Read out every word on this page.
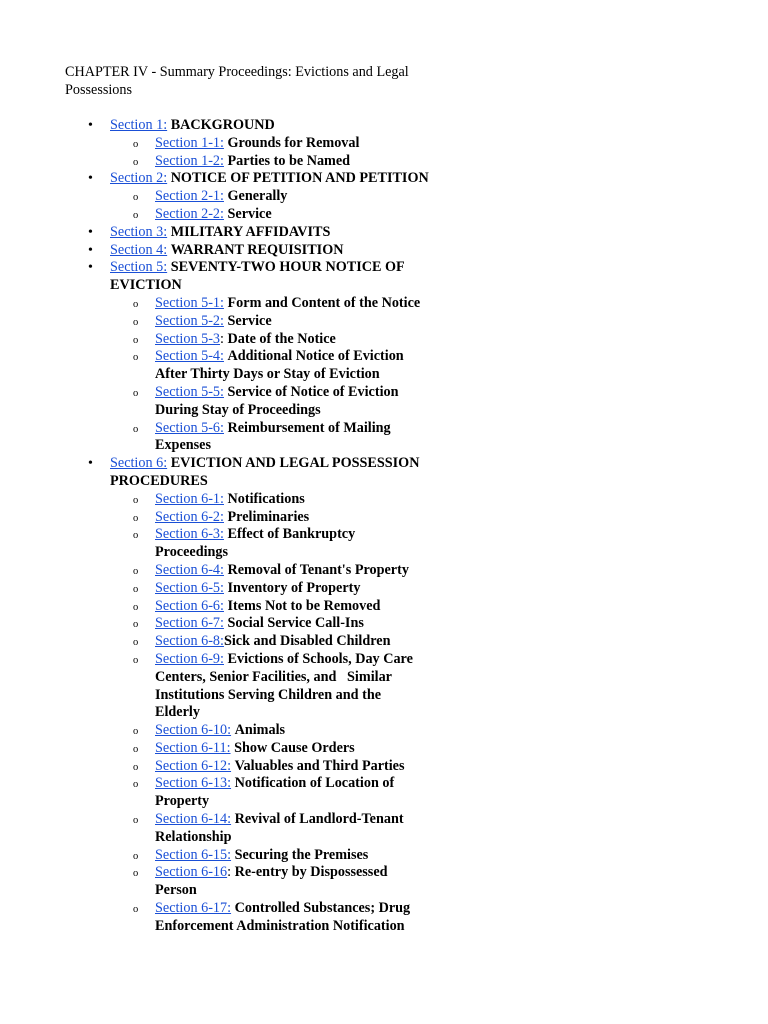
CHAPTER IV - Summary Proceedings: Evictions and Legal Possessions
• Section 1: BACKGROUND
o Section 1-1: Grounds for Removal
o Section 1-2: Parties to be Named
• Section 2: NOTICE OF PETITION AND PETITION
o Section 2-1: Generally
o Section 2-2: Service
• Section 3: MILITARY AFFIDAVITS
• Section 4: WARRANT REQUISITION
• Section 5: SEVENTY-TWO HOUR NOTICE OF EVICTION
o Section 5-1: Form and Content of the Notice
o Section 5-2: Service
o Section 5-3: Date of the Notice
o Section 5-4: Additional Notice of Eviction After Thirty Days or Stay of Eviction
o Section 5-5: Service of Notice of Eviction During Stay of Proceedings
o Section 5-6: Reimbursement of Mailing Expenses
• Section 6: EVICTION AND LEGAL POSSESSION PROCEDURES
o Section 6-1: Notifications
o Section 6-2: Preliminaries
o Section 6-3: Effect of Bankruptcy Proceedings
o Section 6-4: Removal of Tenant's Property
o Section 6-5: Inventory of Property
o Section 6-6: Items Not to be Removed
o Section 6-7: Social Service Call-Ins
o Section 6-8:Sick and Disabled Children
o Section 6-9: Evictions of Schools, Day Care Centers, Senior Facilities, and   Similar Institutions Serving Children and the Elderly
o Section 6-10: Animals
o Section 6-11: Show Cause Orders
o Section 6-12: Valuables and Third Parties
o Section 6-13: Notification of Location of Property
o Section 6-14: Revival of Landlord-Tenant Relationship
o Section 6-15: Securing the Premises
o Section 6-16: Re-entry by Dispossessed Person
o Section 6-17: Controlled Substances; Drug Enforcement Administration Notification
